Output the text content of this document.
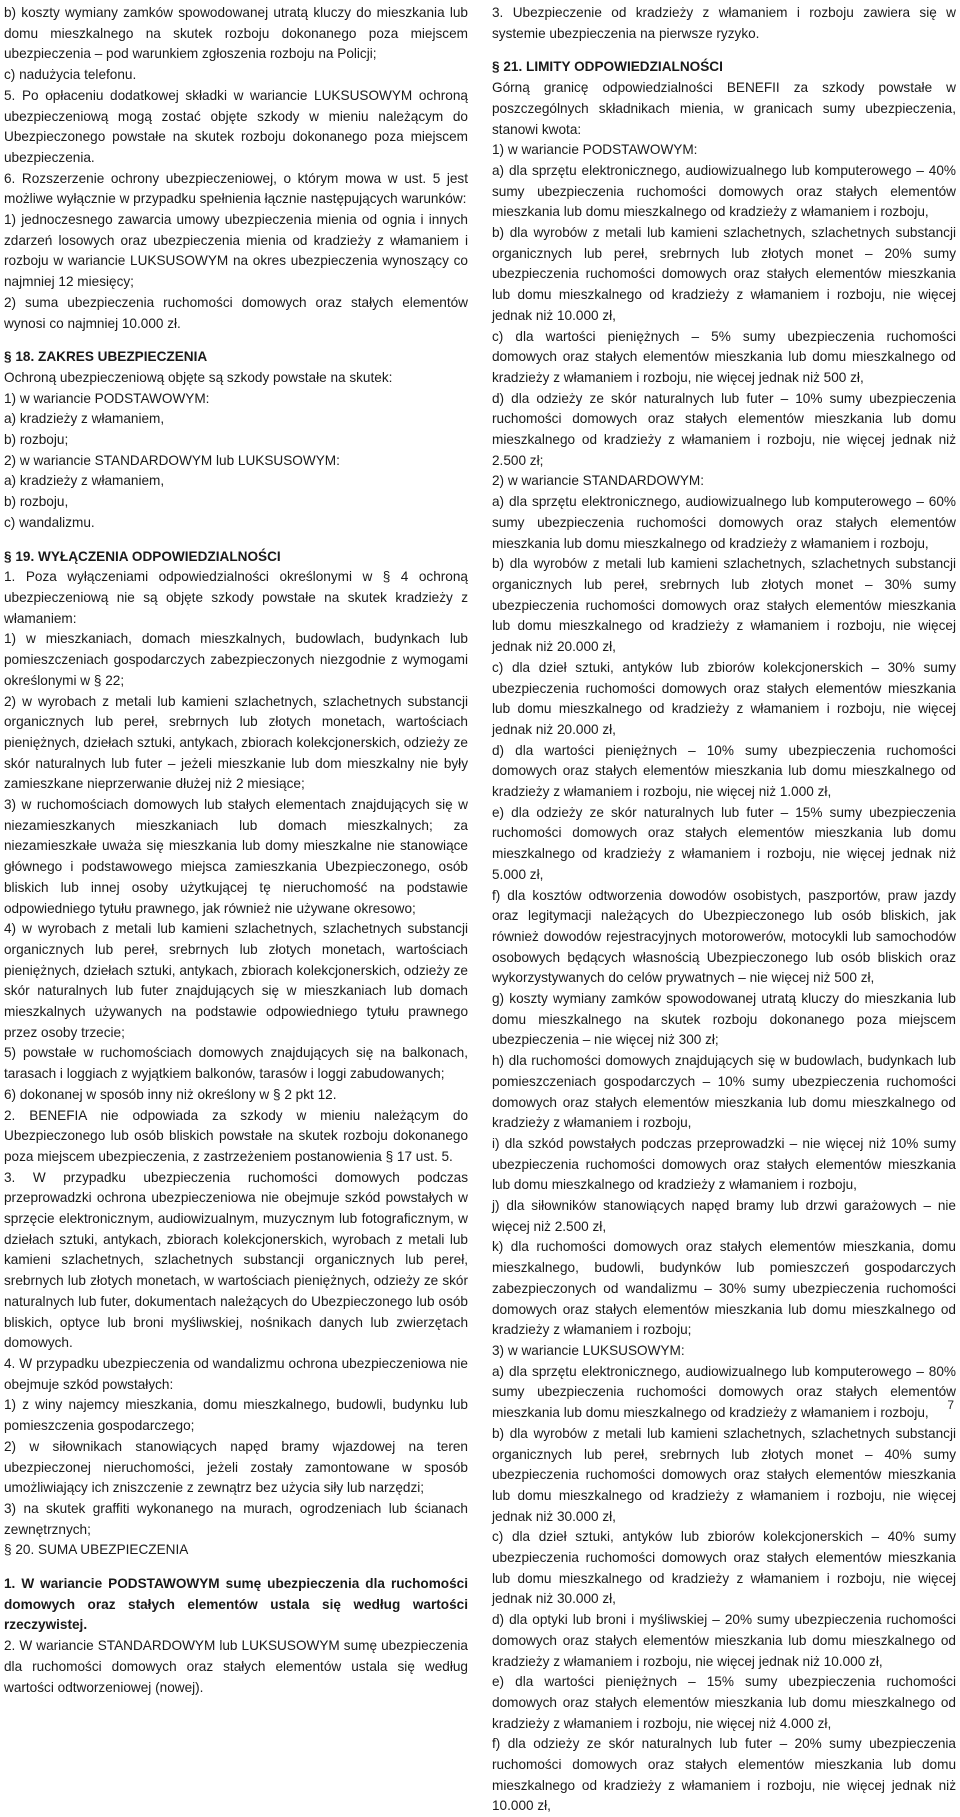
b) koszty wymiany zamków spowodowanej utratą kluczy do mieszkania lub domu mieszkalnego na skutek rozboju dokonanego poza miejscem ubezpieczenia – pod warunkiem zgłoszenia rozboju na Policji;

c) nadużycia telefonu.

5. Po opłaceniu dodatkowej składki w wariancie LUKSUSOWYM ochroną ubezpieczeniową mogą zostać objęte szkody w mieniu należącym do Ubezpieczonego powstałe na skutek rozboju dokonanego poza miejscem ubezpieczenia.

6. Rozszerzenie ochrony ubezpieczeniowej, o którym mowa w ust. 5 jest możliwe wyłącznie w przypadku spełnienia łącznie następujących warunków:

1) jednoczesnego zawarcia umowy ubezpieczenia mienia od ognia i innych zdarzeń losowych oraz ubezpieczenia mienia od kradzieży z włamaniem i rozboju w wariancie LUKSUSOWYM na okres ubezpieczenia wynoszący co najmniej 12 miesięcy;

2) suma ubezpieczenia ruchomości domowych oraz stałych elementów wynosi co najmniej 10.000 zł.

§ 18. ZAKRES UBEZPIECZENIA

Ochroną ubezpieczeniową objęte są szkody powstałe na skutek:

1) w wariancie PODSTAWOWYM:

a) kradzieży z włamaniem,

b) rozboju;

2) w wariancie STANDARDOWYM lub LUKSUSOWYM:

a) kradzieży z włamaniem,

b) rozboju,

c) wandalizmu.

§ 19. WYŁĄCZENIA ODPOWIEDZIALNOŚCI

1. Poza wyłączeniami odpowiedzialności określonymi w § 4 ochroną ubezpieczeniową nie są objęte szkody powstałe na skutek kradzieży z włamaniem:

1) w mieszkaniach, domach mieszkalnych, budowlach, budynkach lub pomieszczeniach gospodarczych zabezpieczonych niezgodnie z wymogami określonymi w § 22;

2) w wyrobach z metali lub kamieni szlachetnych, szlachetnych substancji organicznych lub pereł, srebrnych lub złotych monetach, wartościach pieniężnych, dziełach sztuki, antykach, zbiorach kolekcjonerskich, odzieży ze skór naturalnych lub futer – jeżeli mieszkanie lub dom mieszkalny nie były zamieszkane nieprzerwanie dłużej niż 2 miesiące;

3) w ruchomościach domowych lub stałych elementach znajdujących się w niezamieszkanych mieszkaniach lub domach mieszkalnych; za niezamieszkałe uważa się mieszkania lub domy mieszkalne nie stanowiące głównego i podstawowego miejsca zamieszkania Ubezpieczonego, osób bliskich lub innej osoby użytkującej tę nieruchomość na podstawie odpowiedniego tytułu prawnego, jak również nie używane okresowo;

4) w wyrobach z metali lub kamieni szlachetnych, szlachetnych substancji organicznych lub pereł, srebrnych lub złotych monetach, wartościach pieniężnych, dziełach sztuki, antykach, zbiorach kolekcjonerskich, odzieży ze skór naturalnych lub futer znajdujących się w mieszkaniach lub domach mieszkalnych używanych na podstawie odpowiedniego tytułu prawnego przez osoby trzecie;

5) powstałe w ruchomościach domowych znajdujących się na balkonach, tarasach i loggiach z wyjątkiem balkonów, tarasów i loggi zabudowanych;

6) dokonanej w sposób inny niż określony w § 2 pkt 12.

2. BENEFIA nie odpowiada za szkody w mieniu należącym do Ubezpieczonego lub osób bliskich powstałe na skutek rozboju dokonanego poza miejscem ubezpieczenia, z zastrzeżeniem postanowienia § 17 ust. 5.

3. W przypadku ubezpieczenia ruchomości domowych podczas przeprowadzki ochrona ubezpieczeniowa nie obejmuje szkód powstałych w sprzęcie elektronicznym, audiowizualnym, muzycznym lub fotograficznym, w dziełach sztuki, antykach, zbiorach kolekcjonerskich, wyrobach z metali lub kamieni szlachetnych, szlachetnych substancji organicznych lub pereł, srebrnych lub złotych monetach, w wartościach pieniężnych, odzieży ze skór naturalnych lub futer, dokumentach należących do Ubezpieczonego lub osób bliskich, optyce lub broni myśliwskiej, nośnikach danych lub zwierzętach domowych.

4. W przypadku ubezpieczenia od wandalizmu ochrona ubezpieczeniowa nie obejmuje szkód powstałych:

1) z winy najemcy mieszkania, domu mieszkalnego, budowli, budynku lub pomieszczenia gospodarczego;

2) w siłownikach stanowiących napęd bramy wjazdowej na teren ubezpieczonej nieruchomości, jeżeli zostały zamontowane w sposób umożliwiający ich zniszczenie z zewnątrz bez użycia siły lub narzędzi;

3) na skutek graffiti wykonanego na murach, ogrodzeniach lub ścianach zewnętrznych;

§ 20. SUMA UBEZPIECZENIA

1. W wariancie PODSTAWOWYM sumę ubezpieczenia dla ruchomości domowych oraz stałych elementów ustala się według wartości rzeczywistej.

2. W wariancie STANDARDOWYM lub LUKSUSOWYM sumę ubezpieczenia dla ruchomości domowych oraz stałych elementów ustala się według wartości odtworzeniowej (nowej).

3. Ubezpieczenie od kradzieży z włamaniem i rozboju zawiera się w systemie ubezpieczenia na pierwsze ryzyko.

§ 21. LIMITY ODPOWIEDZIALNOŚCI

Górną granicę odpowiedzialności BENEFII za szkody powstałe w poszczególnych składnikach mienia, w granicach sumy ubezpieczenia, stanowi kwota:

1) w wariancie PODSTAWOWYM:

a) dla sprzętu elektronicznego, audiowizualnego lub komputerowego – 40% sumy ubezpieczenia ruchomości domowych oraz stałych elementów mieszkania lub domu mieszkalnego od kradzieży z włamaniem i rozboju,

b) dla wyrobów z metali lub kamieni szlachetnych, szlachetnych substancji organicznych lub pereł, srebrnych lub złotych monet – 20% sumy ubezpieczenia ruchomości domowych oraz stałych elementów mieszkania lub domu mieszkalnego od kradzieży z włamaniem i rozboju, nie więcej jednak niż 10.000 zł,

c) dla wartości pieniężnych – 5% sumy ubezpieczenia ruchomości domowych oraz stałych elementów mieszkania lub domu mieszkalnego od kradzieży z włamaniem i rozboju, nie więcej jednak niż 500 zł,

d) dla odzieży ze skór naturalnych lub futer – 10% sumy ubezpieczenia ruchomości domowych oraz stałych elementów mieszkania lub domu mieszkalnego od kradzieży z włamaniem i rozboju, nie więcej jednak niż 2.500 zł;

2) w wariancie STANDARDOWYM:

a) dla sprzętu elektronicznego, audiowizualnego lub komputerowego – 60% sumy ubezpieczenia ruchomości domowych oraz stałych elementów mieszkania lub domu mieszkalnego od kradzieży z włamaniem i rozboju,

b) dla wyrobów z metali lub kamieni szlachetnych, szlachetnych substancji organicznych lub pereł, srebrnych lub złotych monet – 30% sumy ubezpieczenia ruchomości domowych oraz stałych elementów mieszkania lub domu mieszkalnego od kradzieży z włamaniem i rozboju, nie więcej jednak niż 20.000 zł,

c) dla dzieł sztuki, antyków lub zbiorów kolekcjonerskich – 30% sumy ubezpieczenia ruchomości domowych oraz stałych elementów mieszkania lub domu mieszkalnego od kradzieży z włamaniem i rozboju, nie więcej jednak niż 20.000 zł,

d) dla wartości pieniężnych – 10% sumy ubezpieczenia ruchomości domowych oraz stałych elementów mieszkania lub domu mieszkalnego od kradzieży z włamaniem i rozboju, nie więcej niż 1.000 zł,

e) dla odzieży ze skór naturalnych lub futer – 15% sumy ubezpieczenia ruchomości domowych oraz stałych elementów mieszkania lub domu mieszkalnego od kradzieży z włamaniem i rozboju, nie więcej jednak niż 5.000 zł,

f) dla kosztów odtworzenia dowodów osobistych, paszportów, praw jazdy oraz legitymacji należących do Ubezpieczonego lub osób bliskich, jak również dowodów rejestracyjnych motorowerów, motocykli lub samochodów osobowych będących własnością Ubezpieczonego lub osób bliskich oraz wykorzystywanych do celów prywatnych – nie więcej niż 500 zł,

g) koszty wymiany zamków spowodowanej utratą kluczy do mieszkania lub domu mieszkalnego na skutek rozboju dokonanego poza miejscem ubezpieczenia – nie więcej niż 300 zł;

h) dla ruchomości domowych znajdujących się w budowlach, budynkach lub pomieszczeniach gospodarczych – 10% sumy ubezpieczenia ruchomości domowych oraz stałych elementów mieszkania lub domu mieszkalnego od kradzieży z włamaniem i rozboju,

i) dla szkód powstałych podczas przeprowadzki – nie więcej niż 10% sumy ubezpieczenia ruchomości domowych oraz stałych elementów mieszkania lub domu mieszkalnego od kradzieży z włamaniem i rozboju,

j) dla siłowników stanowiących napęd bramy lub drzwi garażowych – nie więcej niż 2.500 zł,

k) dla ruchomości domowych oraz stałych elementów mieszkania, domu mieszkalnego, budowli, budynków lub pomieszczeń gospodarczych zabezpieczonych od wandalizmu – 30% sumy ubezpieczenia ruchomości domowych oraz stałych elementów mieszkania lub domu mieszkalnego od kradzieży z włamaniem i rozboju;

3) w wariancie LUKSUSOWYM:

a) dla sprzętu elektronicznego, audiowizualnego lub komputerowego – 80% sumy ubezpieczenia ruchomości domowych oraz stałych elementów mieszkania lub domu mieszkalnego od kradzieży z włamaniem i rozboju,

b) dla wyrobów z metali lub kamieni szlachetnych, szlachetnych substancji organicznych lub pereł, srebrnych lub złotych monet – 40% sumy ubezpieczenia ruchomości domowych oraz stałych elementów mieszkania lub domu mieszkalnego od kradzieży z włamaniem i rozboju, nie więcej jednak niż 30.000 zł,

c) dla dzieł sztuki, antyków lub zbiorów kolekcjonerskich – 40% sumy ubezpieczenia ruchomości domowych oraz stałych elementów mieszkania lub domu mieszkalnego od kradzieży z włamaniem i rozboju, nie więcej jednak niż 30.000 zł,

d) dla optyki lub broni i myśliwskiej – 20% sumy ubezpieczenia ruchomości domowych oraz stałych elementów mieszkania lub domu mieszkalnego od kradzieży z włamaniem i rozboju, nie więcej jednak niż 10.000 zł,

e) dla wartości pieniężnych – 15% sumy ubezpieczenia ruchomości domowych oraz stałych elementów mieszkania lub domu mieszkalnego od kradzieży z włamaniem i rozboju, nie więcej niż 4.000 zł,

f) dla odzieży ze skór naturalnych lub futer – 20% sumy ubezpieczenia ruchomości domowych oraz stałych elementów mieszkania lub domu mieszkalnego od kradzieży z włamaniem i rozboju, nie więcej jednak niż 10.000 zł,

7
